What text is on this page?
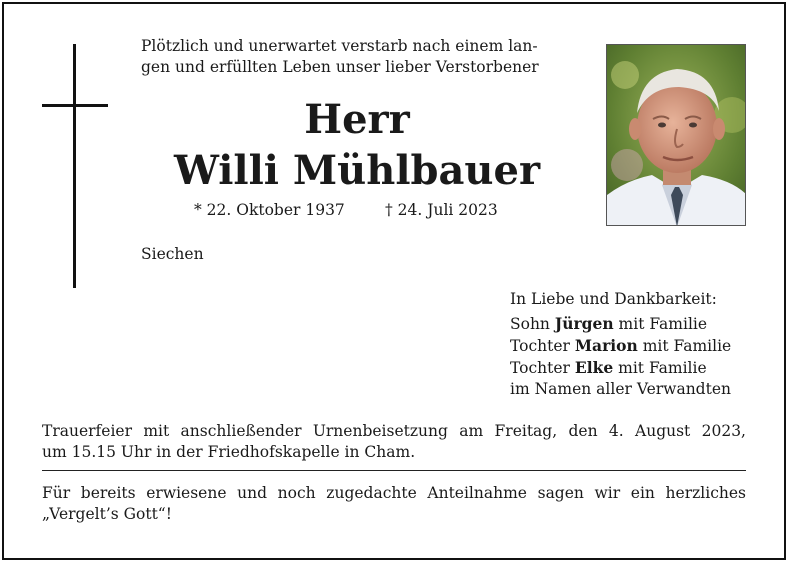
Plötzlich und unerwartet verstarb nach einem lan-
gen und erfüllten Leben unser lieber Verstorbener

Herr
Willi Mühlbauer
* 22. Oktober 1937	† 24. Juli 2023
Siechen
In Liebe und Dankbarkeit:
Sohn Jürgen mit Familie
Tochter Marion mit Familie
Tochter Elke mit Familie
im Namen aller Verwandten

Trauerfeier mit anschließender Urnenbeisetzung am Freitag, den 4. August 2023,
um 15.15 Uhr in der Friedhofskapelle in Cham.

Für bereits erwiesene und noch zugedachte Anteilnahme sagen wir ein herzliches
„Vergelt’s Gott“!
